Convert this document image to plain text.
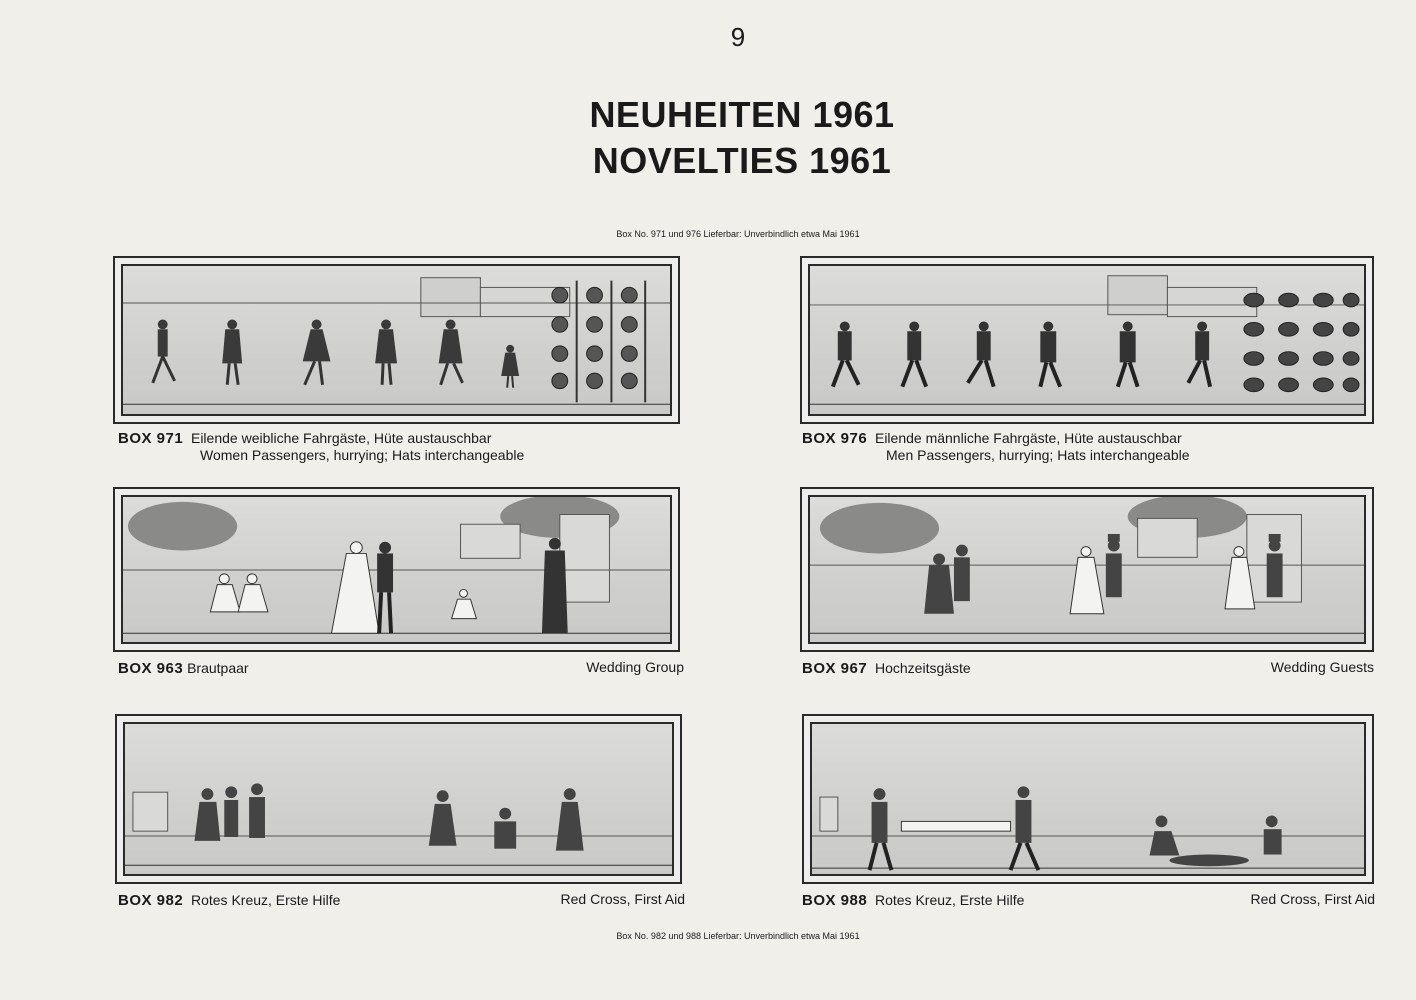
9
NEUHEITEN 1961
NOVELTIES 1961
Box No. 971 und 976 Lieferbar: Unverbindlich etwa Mai 1961
BOX 971 Eilende weibliche Fahrgäste, Hüte austauschbar
Women Passengers, hurrying; Hats interchangeable
BOX 976 Eilende männliche Fahrgäste, Hüte austauschbar
Men Passengers, hurrying; Hats interchangeable
BOX 963 Brautpaar	Wedding Group	BOX 967 Hochzeitsgäste	Wedding Guests
BOX 982 Rotes Kreuz, Erste Hilfe	Red Cross, First Aid	BOX 988 Rotes Kreuz, Erste Hilfe	Red Cross, First Aid
Box No. 982 und 988 Lieferbar: Unverbindlich etwa Mai 1961
